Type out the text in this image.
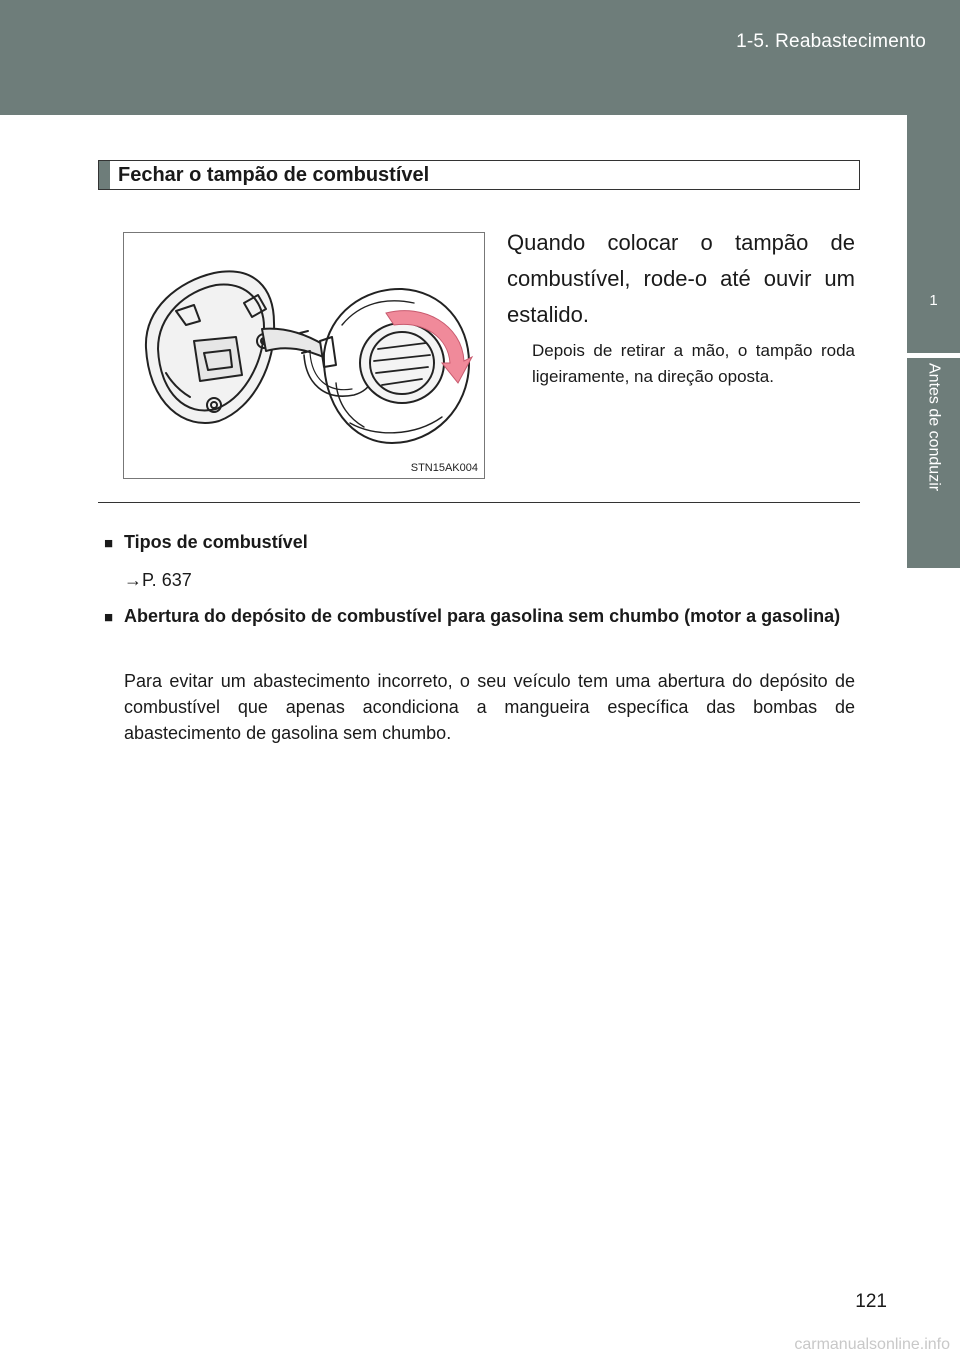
1-5. Reabastecimento
1
Antes de conduzir
Fechar o tampão de combustível
STN15AK004
Quando colocar o tampão de combustível, rode-o até ouvir um estalido.
Depois de retirar a mão, o tampão roda ligeiramente, na direção oposta.
■ Tipos de combustível
→P. 637
■ Abertura do depósito de combustível para gasolina sem chumbo (motor a gasolina)
Para evitar um abastecimento incorreto, o seu veículo tem uma abertura do depósito de combustível que apenas acondiciona a mangueira específica das bombas de abastecimento de gasolina sem chumbo.
121
carmanualsonline.info
